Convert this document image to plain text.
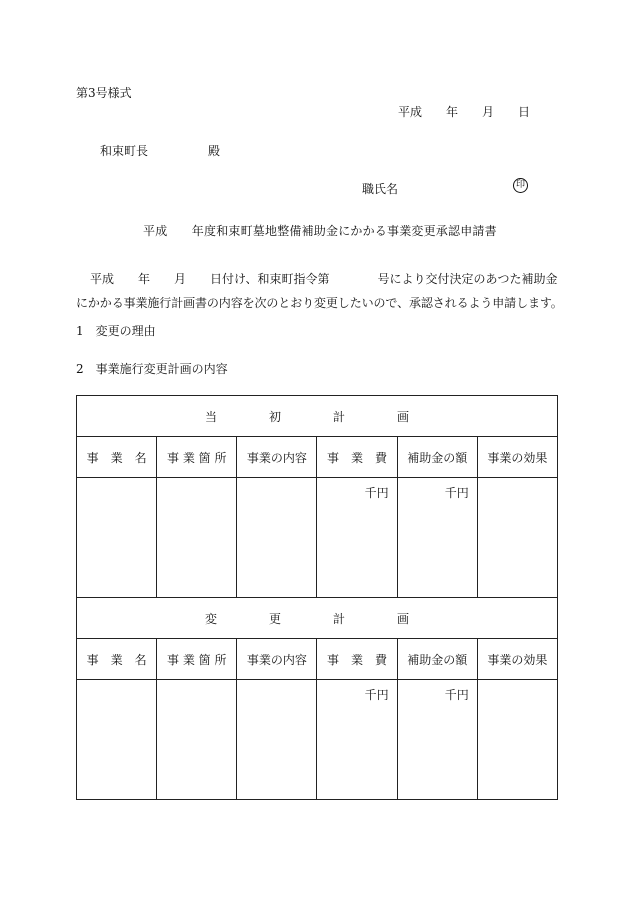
第3号様式
平成　　年　　月　　日
和束町長　　　　　殿
職氏名	印
平成　　年度和束町墓地整備補助金にかかる事業変更承認申請書
平成　　年　　月　　日付け、和束町指令第　　　　号により交付決定のあつた補助金
にかかる事業施行計画書の内容を次のとおり変更したいので、承認されるよう申請します。
1　変更の理由
2　事業施行変更計画の内容
当　初　計　画					
事　業　名	事 業 箇 所	事業の内容	事　業　費	補助金の額	事業の効果
			千円	千円	
変　更　計　画					
事　業　名	事 業 箇 所	事業の内容	事　業　費	補助金の額	事業の効果
			千円	千円	
